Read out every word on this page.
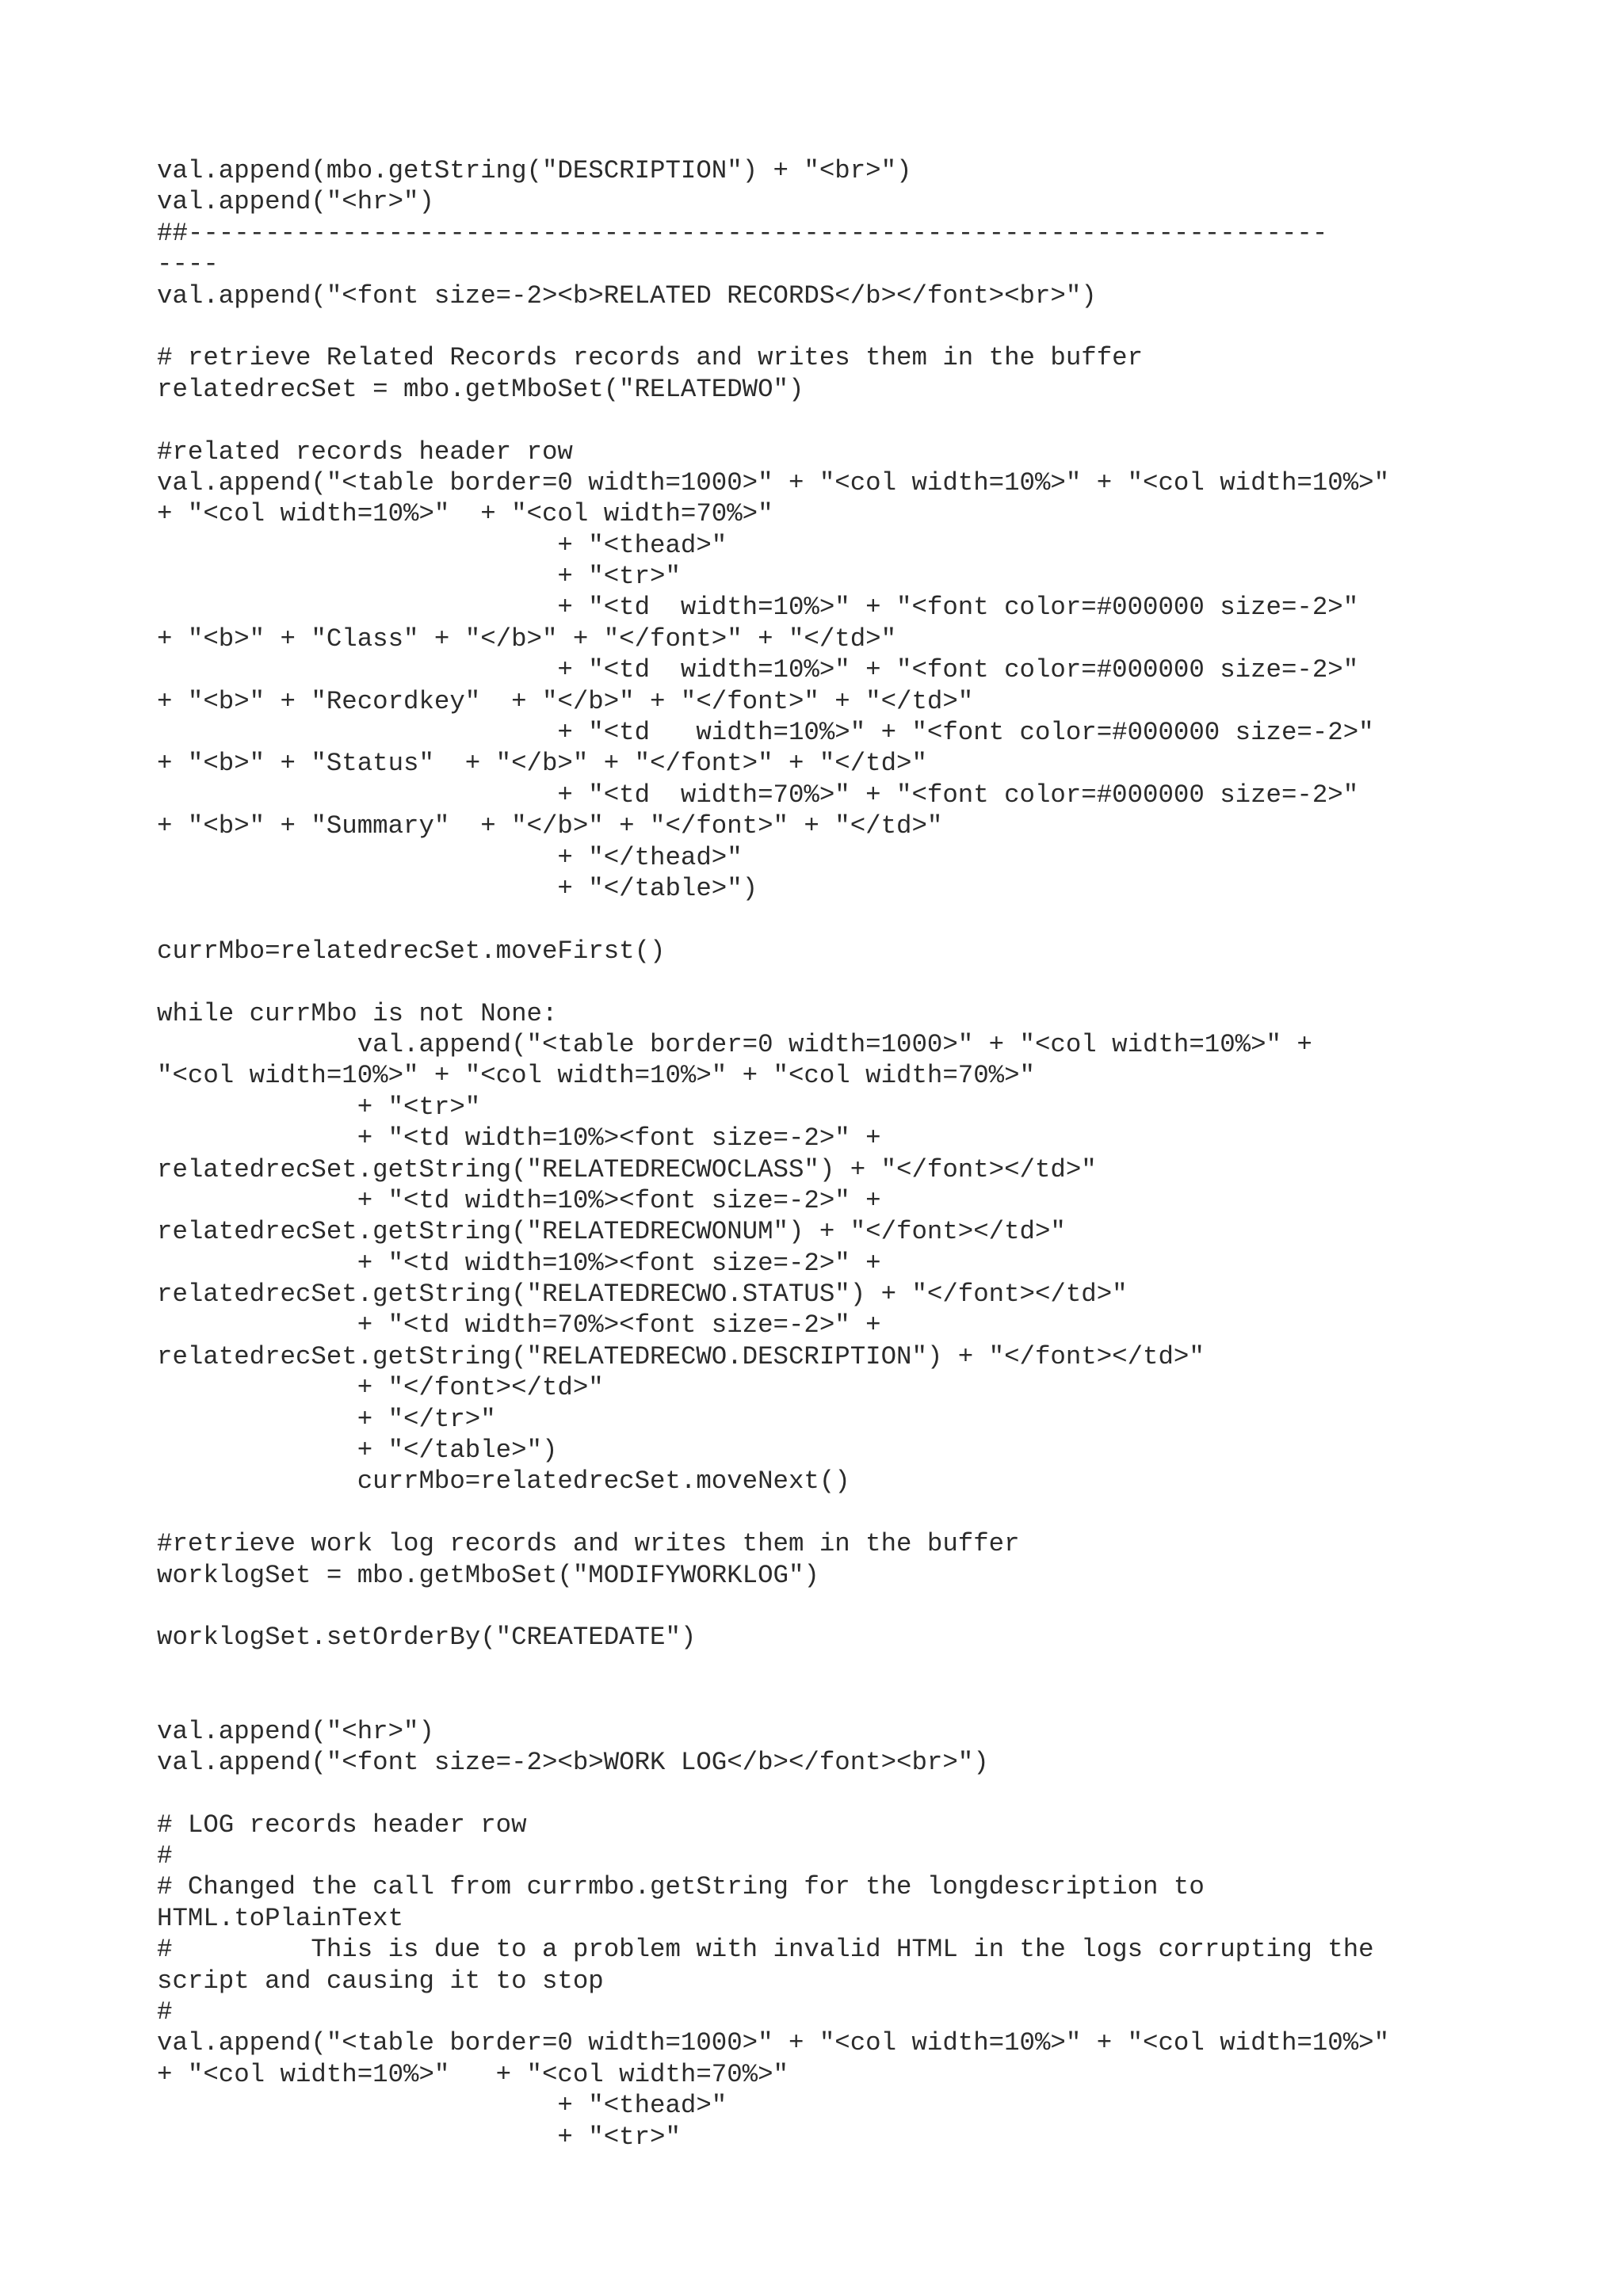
val.append(mbo.getString("DESCRIPTION") + "<br>")
val.append("<hr>")
##--------------------------------------------------------------------------
----
val.append("<font size=-2><b>RELATED RECORDS</b></font><br>")
# retrieve Related Records records and writes them in the buffer
relatedrecSet = mbo.getMboSet("RELATEDWO")
#related records header row
val.append("<table border=0 width=1000>" + "<col width=10%>" + "<col width=10%>"
+ "<col width=10%>"  + "<col width=70%>"
+ "<thead>"
+ "<tr>"
+ "<td  width=10%>" + "<font color=#000000 size=-2>"
+ "<b>" + "Class" + "</b>" + "</font>" + "</td>"
+ "<td  width=10%>" + "<font color=#000000 size=-2>"
+ "<b>" + "Recordkey"  + "</b>" + "</font>" + "</td>"
+ "<td   width=10%>" + "<font color=#000000 size=-2>"
+ "<b>" + "Status"  + "</b>" + "</font>" + "</td>"
+ "<td  width=70%>" + "<font color=#000000 size=-2>"
+ "<b>" + "Summary"  + "</b>" + "</font>" + "</td>"
+ "</thead>"
+ "</table>")
currMbo=relatedrecSet.moveFirst()
while currMbo is not None:
val.append("<table border=0 width=1000>" + "<col width=10%>" +
"<col width=10%>" + "<col width=10%>" + "<col width=70%>"
+ "<tr>"
+ "<td width=10%><font size=-2>" +
relatedrecSet.getString("RELATEDRECWOCLASS") + "</font></td>"
+ "<td width=10%><font size=-2>" +
relatedrecSet.getString("RELATEDRECWONUM") + "</font></td>"
+ "<td width=10%><font size=-2>" +
relatedrecSet.getString("RELATEDRECWO.STATUS") + "</font></td>"
+ "<td width=70%><font size=-2>" +
relatedrecSet.getString("RELATEDRECWO.DESCRIPTION") + "</font></td>"
+ "</font></td>"
+ "</tr>"
+ "</table>")
currMbo=relatedrecSet.moveNext()
#retrieve work log records and writes them in the buffer
worklogSet = mbo.getMboSet("MODIFYWORKLOG")
worklogSet.setOrderBy("CREATEDATE")
val.append("<hr>")
val.append("<font size=-2><b>WORK LOG</b></font><br>")
# LOG records header row
#
# Changed the call from currmbo.getString for the longdescription to
HTML.toPlainText
#         This is due to a problem with invalid HTML in the logs corrupting the
script and causing it to stop
#
val.append("<table border=0 width=1000>" + "<col width=10%>" + "<col width=10%>"
+ "<col width=10%>"   + "<col width=70%>"
+ "<thead>"
+ "<tr>"
